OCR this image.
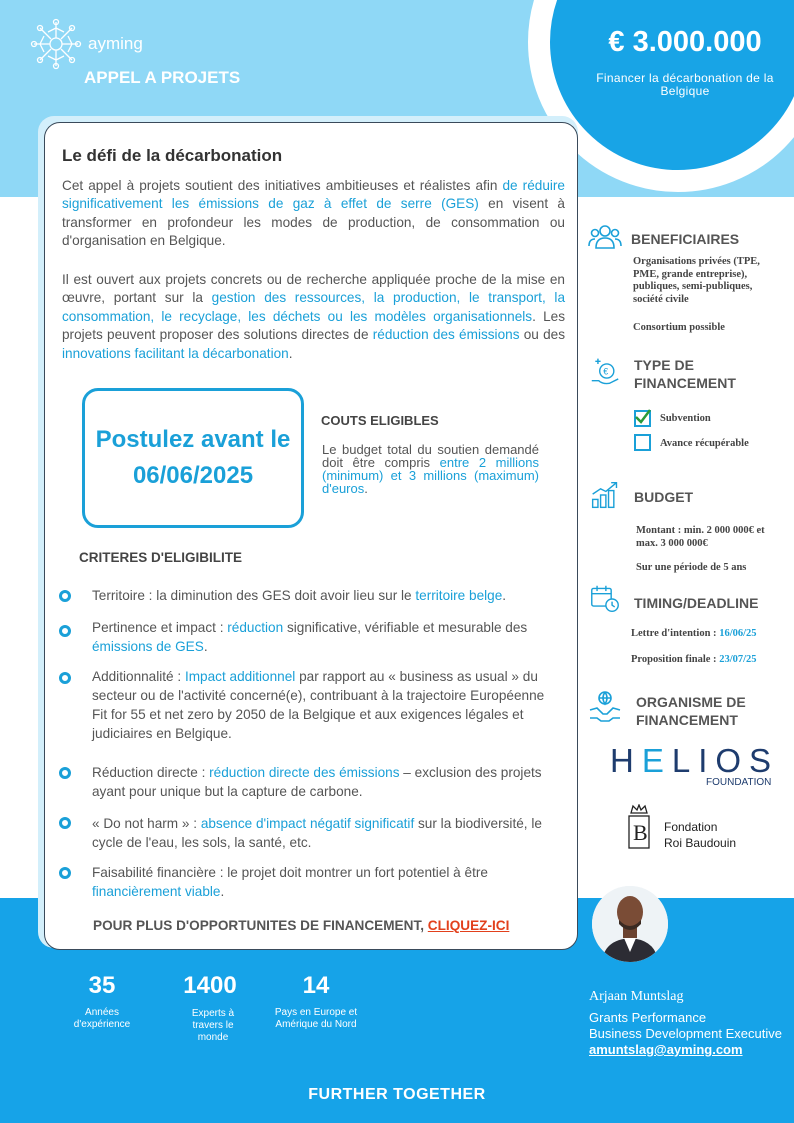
ayming
APPEL A PROJETS
€ 3.000.000
Financer la décarbonation de la Belgique
Le défi de la décarbonation
Cet appel à projets soutient des initiatives ambitieuses et réalistes afin de réduire significativement les émissions de gaz à effet de serre (GES) en visent à transformer en profondeur les modes de production, de consommation ou d'organisation en Belgique.
Il est ouvert aux projets concrets ou de recherche appliquée proche de la mise en œuvre, portant sur la gestion des ressources, la production, le transport, la consommation, le recyclage, les déchets ou les modèles organisationnels. Les projets peuvent proposer des solutions directes de réduction des émissions ou des innovations facilitant la décarbonation.
Postulez avant le
06/06/2025
COUTS ELIGIBLES
Le budget total du soutien demandé doit être compris entre 2 millions (minimum) et 3 millions (maximum) d'euros.
CRITERES D'ELIGIBILITE
Territoire : la diminution des GES doit avoir lieu sur le territoire belge.
Pertinence et impact : réduction significative, vérifiable et mesurable des émissions de GES.
Additionnalité : Impact additionnel par rapport au « business as usual » du secteur ou de l'activité concerné(e), contribuant à la trajectoire Européenne Fit for 55 et net zero by 2050 de la Belgique et aux exigences légales et judiciaires en Belgique.
Réduction directe : réduction directe des émissions – exclusion des projets ayant pour unique but la capture de carbone.
« Do not harm » : absence d'impact négatif significatif sur la biodiversité, le cycle de l'eau, les sols, la santé, etc.
Faisabilité financière : le projet doit montrer un fort potentiel à être financièrement viable.
POUR PLUS D'OPPORTUNITES DE FINANCEMENT, CLIQUEZ-ICI
BENEFICIAIRES
Organisations privées (TPE, PME, grande entreprise), publiques, semi-publiques, société civile
Consortium possible
€ TYPE DE
FINANCEMENT
Subvention
Avance récupérable
BUDGET
Montant : min. 2 000 000€ et max. 3 000 000€
Sur une période de 5 ans
TIMING/DEADLINE
Lettre d'intention : 16/06/25
Proposition finale : 23/07/25
ORGANISME DE
FINANCEMENT
HELIOS
FOUNDATION
B Fondation
Roi Baudouin
Arjaan Muntslag
Grants Performance
Business Development Executive
amuntslag@ayming.com
35
Années d'expérience
1400
Experts à travers le monde
14
Pays en Europe et Amérique du Nord
FURTHER TOGETHER
